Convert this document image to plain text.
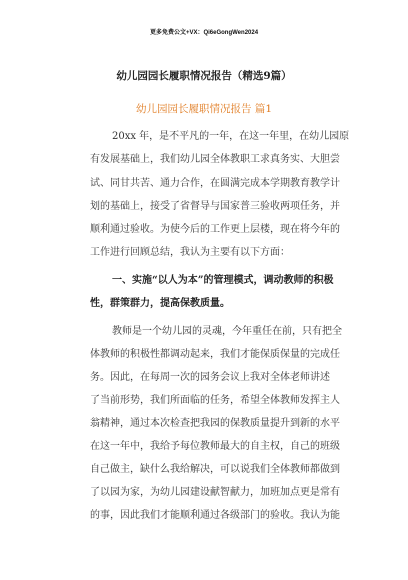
更多免费公文+VX：Qi6eGongWen2024
幼儿园园长履职情况报告（精选9篇）
幼儿园园长履职情况报告 篇1
20xx 年，是不平凡的一年，在这一年里，在幼儿园原
有发展基础上，我们幼儿园全体教职工求真务实、大胆尝
试、同甘共苦、通力合作，在圆满完成本学期教育教学计
划的基础上，接受了省督导与国家普三验收两项任务，并
顺利通过验收。为使今后的工作更上层楼，现在将今年的
工作进行回顾总结，我认为主要有以下方面：
一、实施“以人为本”的管理模式，调动教师的积极
性，群策群力，提高保教质量。
教师是一个幼儿园的灵魂，今年重任在前，只有把全
体教师的积极性都调动起来，我们才能保质保量的完成任
务。因此，在每周一次的园务会议上我对全体老师讲述
了当前形势，我们所面临的任务，希望全体教师发挥主人
翁精神，通过本次检查把我园的保教质量提升到新的水平
在这一年中，我给予每位教师最大的自主权，自己的班级
自己做主，缺什么我给解决，可以说我们全体教师都做到
了以园为家，为幼儿园建设献智献力，加班加点更是常有
的事，因此我们才能顺利通过各级部门的验收。我认为能
